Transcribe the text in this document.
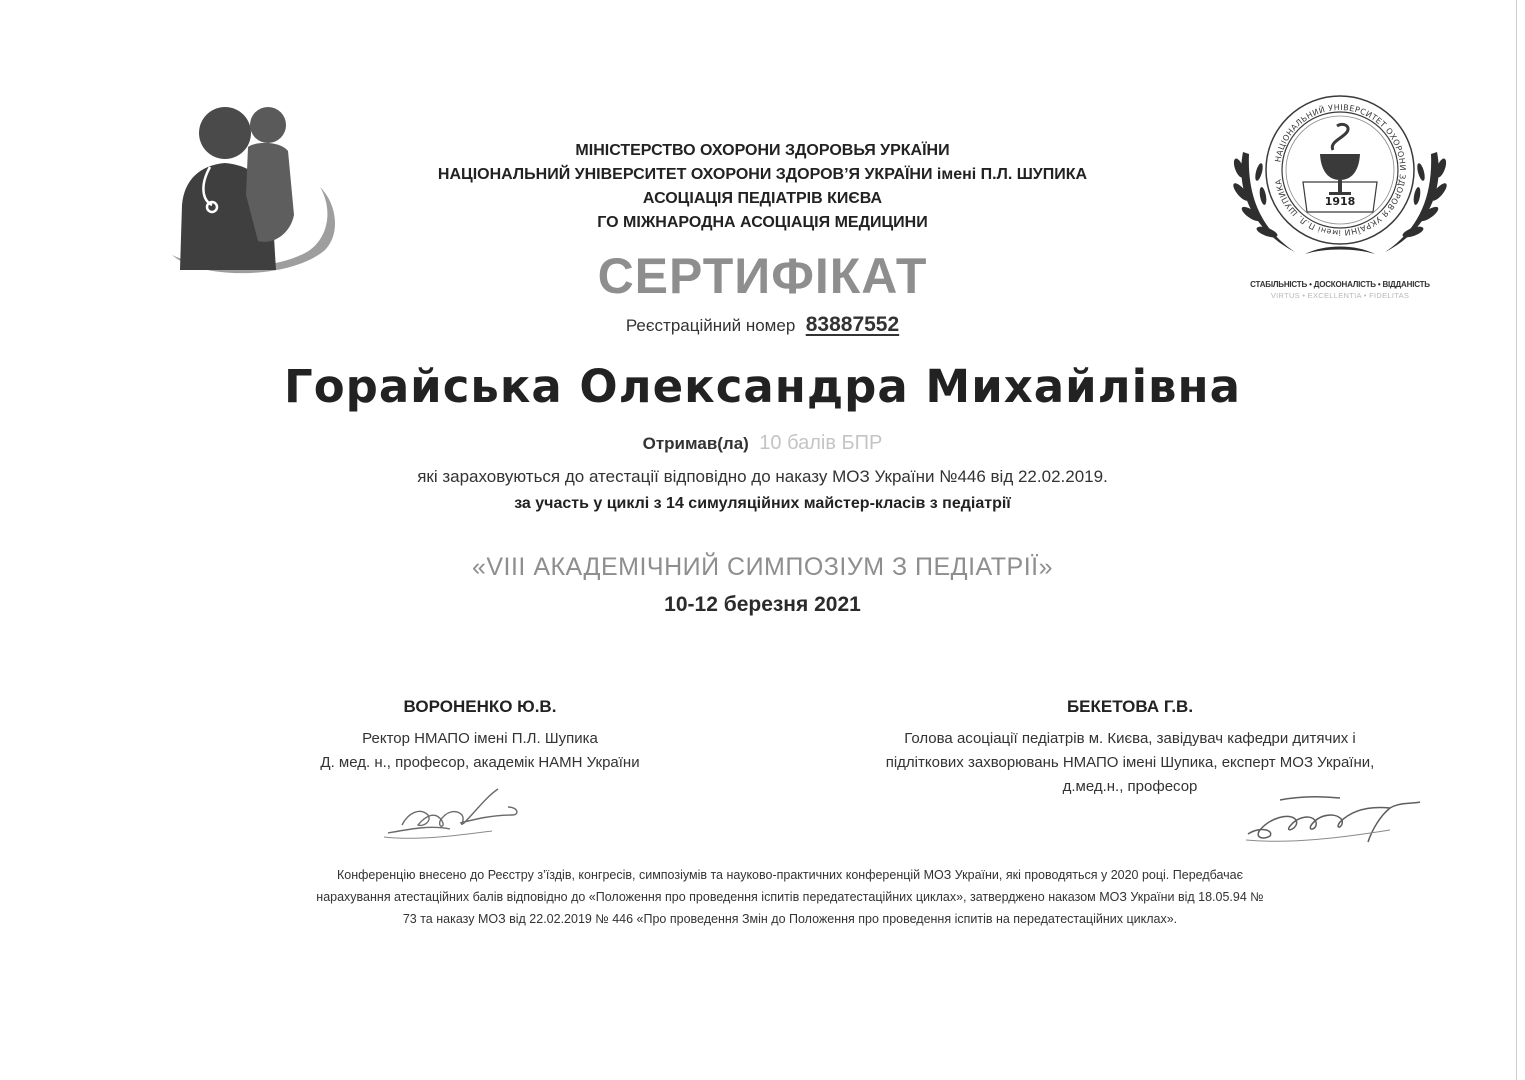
МІНІСТЕРСТВО ОХОРОНИ ЗДОРОВЬЯ УРКАЇНИ
НАЦІОНАЛЬНИЙ УНІВЕРСИТЕТ ОХОРОНИ ЗДОРОВ’Я УКРАЇНИ імені П.Л. ШУПИКА
АСОЦІАЦІЯ ПЕДІАТРІВ КИЄВА
ГО МІЖНАРОДНА АСОЦІАЦІЯ МЕДИЦИНИ
СЕРТИФІКАТ
Реєстраційний номер 83887552
Горайська Олександра Михайлівна
Отримав(ла) 10 балів БПР
які зараховуються до атестації відповідно до наказу МОЗ України №446 від 22.02.2019.
за участь у циклі з 14 симуляційних майстер-класів з педіатрії
«VIII АКАДЕМІЧНИЙ СИМПОЗІУМ З ПЕДІАТРІЇ»
10-12 березня 2021
ВОРОНЕНКО Ю.В.
Ректор НМАПО імені П.Л. Шупика
Д. мед. н., професор, академік НАМН України
БЕКЕТОВА Г.В.
Голова асоціації педіатрів м. Києва, завідувач кафедри дитячих і
підліткових захворювань НМАПО імені Шупика, експерт МОЗ України,
д.мед.н., професор
НАЦІОНАЛЬНИЙ УНІВЕРСИТЕТ ОХОРОНИ ЗДОРОВ'Я УКРАЇНИ імені П.Л. ШУПИКА
1918
СТАБІЛЬНІСТЬ • ДОСКОНАЛІСТЬ • ВІДДАНІСТЬ
VIRTUS • EXCELLENTIA • FIDELITAS

Конференцію внесено до Реєстру з’їздів, конгресів, симпозіумів та науково-практичних конференцій МОЗ України, які проводяться у 2020 році. Передбачає

нарахування атестаційних балів відповідно до «Положення про проведення іспитів передатестаційних циклах», затверджено наказом МОЗ України від 18.05.94 №

73 та наказу МОЗ від 22.02.2019 № 446 «Про проведення Змін до Положення про проведення іспитів на передатестаційних циклах».
